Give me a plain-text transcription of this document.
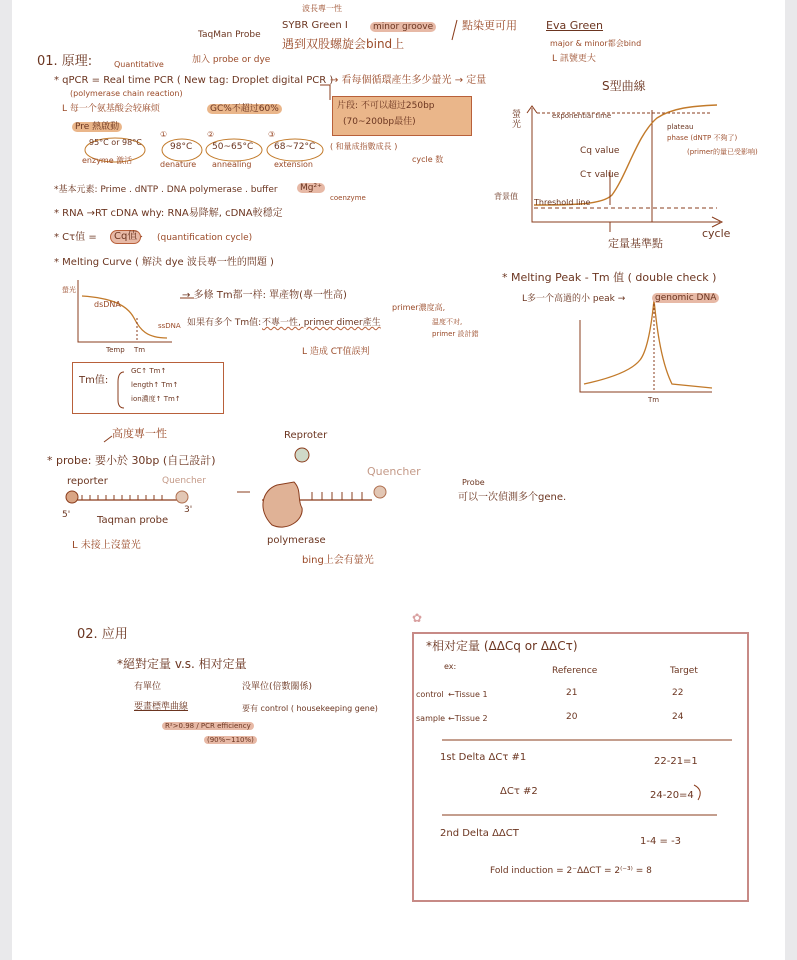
01. 原理:	Quantitative
TaqMan Probe
加入 probe or dye
波長專一性
SYBR Green I	minor groove
遇到双股螺旋会bind上
點染更可用	Eva Green
major & minor都会bind
L 訊號更大
* qPCR = Real time PCR ( New tag: Droplet digital PCR )
→ 看每個循環產生多少螢光 → 定量
(polymerase chain reaction)
L 每一个氨基酸会较麻烦	GC%不超过60%	片段: 不可以超过250bp
(70~200bp最佳)
Pre 熱啟動
95°C or 98°C
enzyme 激活
①
98°C
denature
②
50~65°C
annealing
③
68~72°C
extension
( 和量成指數成長 )
cycle 数
*基本元素: Prime . dNTP . DNA polymerase . buffer	Mg²⁺
coenzyme
* RNA →RT cDNA why: RNA易降解, cDNA較穩定
* Cτ值 =	Cq值	(quantification cycle)
* Melting Curve ( 解決 dye 波長專一性的問題 )
螢光
dsDNA
ssDNA
Temp Tm
→ 多條 Tm都一样: 單產物(專一性高)
如果有多个 Tm值: 不專一性, primer dimer產生
primer濃度高,
温度不对,
primer 設計錯
L 造成 CT值誤判
Tm值:
GC↑ Tm↑
length↑ Tm↑
ion濃度↑ Tm↑
S型曲線
exponential time
plateau
phase (dNTP 不夠了)
(primer的量已受影响)
Cq value
Cτ value
背景值
Threshold line
螢光
cycle
定量基準點
* Melting Peak - Tm 值 ( double check )
L多一个高過的小 peak →	genomic DNA
Tm
高度專一性
* probe: 要小於 30bp (自己設計)
reporter	Quencher
5'	3'
Taqman probe
L 未接上沒螢光
Reproter
Quencher
polymerase
bing上会有螢光
Probe
可以一次偵測多个gene.
02. 应用
*絕對定量 v.s. 相对定量
有單位
要畫標準曲線
R²>0.98 / PCR efficiency
(90%~110%)
没單位(倍數關係)
要有 control ( housekeeping gene)
✿
*相对定量 (ΔΔCq or ΔΔCτ)
ex:	Reference	Target
control ←Tissue 1	21	22
sample ←Tissue 2	20	24
1st Delta ΔCτ #1	22-21=1
ΔCτ #2	24-20=4
2nd Delta ΔΔCT
1-4 = -3
Fold induction = 2⁻ΔΔCT = 2⁽⁻³⁾ = 8
